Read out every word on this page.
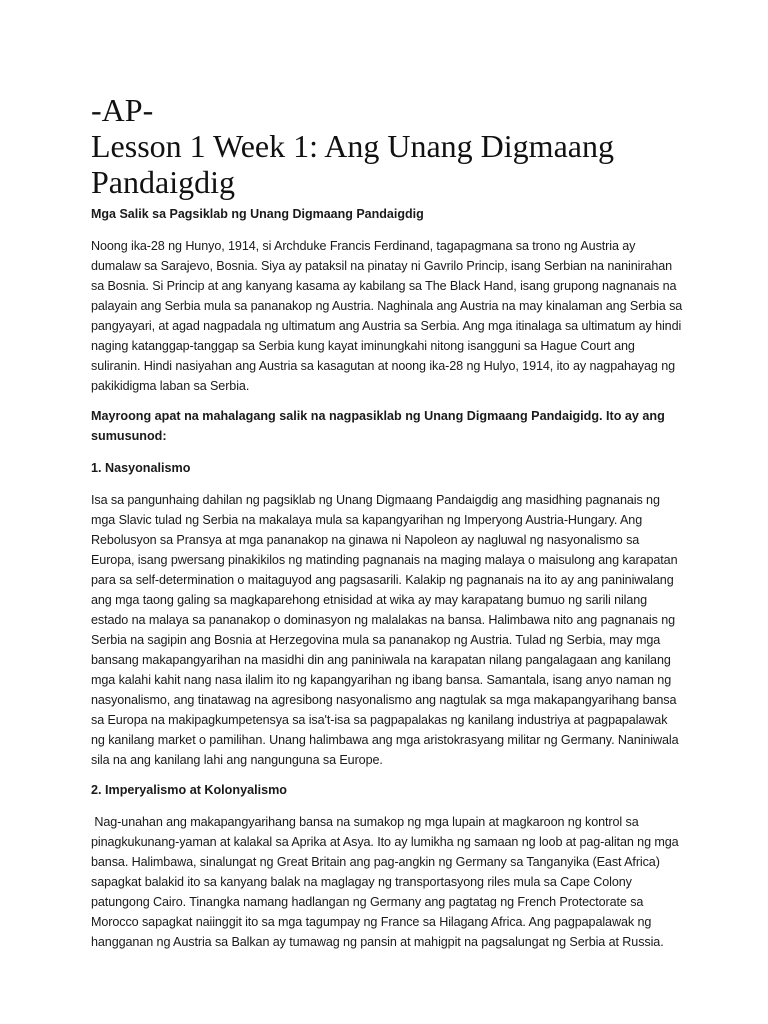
-AP-
Lesson 1 Week 1: Ang Unang Digmaang
Pandaigdig
Mga Salik sa Pagsiklab ng Unang Digmaang Pandaigdig

Noong ika-28 ng Hunyo, 1914, si Archduke Francis Ferdinand, tagapagmana sa trono ng Austria ay dumalaw sa Sarajevo, Bosnia. Siya ay pataksil na pinatay ni Gavrilo Princip, isang Serbian na naninirahan sa Bosnia. Si Princip at ang kanyang kasama ay kabilang sa The Black Hand, isang grupong nagnanais na palayain ang Serbia mula sa pananakop ng Austria. Naghinala ang Austria na may kinalaman ang Serbia sa pangyayari, at agad nagpadala ng ultimatum ang Austria sa Serbia. Ang mga itinalaga sa ultimatum ay hindi naging katanggap-tanggap sa Serbia kung kayat iminungkahi nitong isangguni sa Hague Court ang suliranin. Hindi nasiyahan ang Austria sa kasagutan at noong ika-28 ng Hulyo, 1914, ito ay nagpahayag ng pakikidigma laban sa Serbia.

Mayroong apat na mahalagang salik na nagpasiklab ng Unang Digmaang Pandaigidg. Ito ay ang sumusunod:

1. Nasyonalismo

Isa sa pangunhaing dahilan ng pagsiklab ng Unang Digmaang Pandaigdig ang masidhing pagnanais ng mga Slavic tulad ng Serbia na makalaya mula sa kapangyarihan ng Imperyong Austria-Hungary. Ang Rebolusyon sa Pransya at mga pananakop na ginawa ni Napoleon ay nagluwal ng nasyonalismo sa Europa, isang pwersang pinakikilos ng matinding pagnanais na maging malaya o maisulong ang karapatan para sa self-determination o maitaguyod ang pagsasarili. Kalakip ng pagnanais na ito ay ang paniniwalang ang mga taong galing sa magkaparehong etnisidad at wika ay may karapatang bumuo ng sarili nilang estado na malaya sa pananakop o dominasyon ng malalakas na bansa. Halimbawa nito ang pagnanais ng Serbia na sagipin ang Bosnia at Herzegovina mula sa pananakop ng Austria. Tulad ng Serbia, may mga bansang makapangyarihan na masidhi din ang paniniwala na karapatan nilang pangalagaan ang kanilang mga kalahi kahit nang nasa ilalim ito ng kapangyarihan ng ibang bansa. Samantala, isang anyo naman ng nasyonalismo, ang tinatawag na agresibong nasyonalismo ang nagtulak sa mga makapangyarihang bansa sa Europa na makipagkumpetensya sa isa't-isa sa pagpapalakas ng kanilang industriya at pagpapalawak ng kanilang market o pamilihan. Unang halimbawa ang mga aristokrasyang militar ng Germany. Naniniwala sila na ang kanilang lahi ang nangunguna sa Europe.

2. Imperyalismo at Kolonyalismo

Nag-unahan ang makapangyarihang bansa na sumakop ng mga lupain at magkaroon ng kontrol sa pinagkukunang-yaman at kalakal sa Aprika at Asya. Ito ay lumikha ng samaan ng loob at pag-alitan ng mga bansa. Halimbawa, sinalungat ng Great Britain ang pag-angkin ng Germany sa Tanganyika (East Africa) sapagkat balakid ito sa kanyang balak na maglagay ng transportasyong riles mula sa Cape Colony patungong Cairo. Tinangka namang hadlangan ng Germany ang pagtatag ng French Protectorate sa Morocco sapagkat naiinggit ito sa mga tagumpay ng France sa Hilagang Africa. Ang pagpapalawak ng hangganan ng Austria sa Balkan ay tumawag ng pansin at mahigpit na pagsalungat ng Serbia at Russia.
